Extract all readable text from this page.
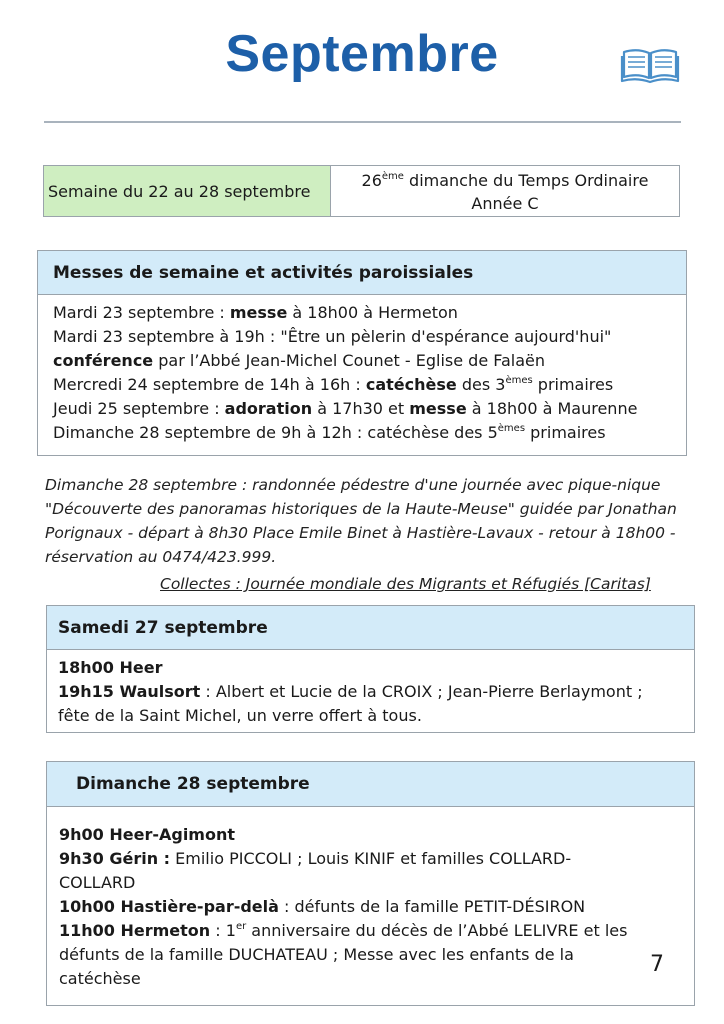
Septembre
Semaine du 22 au 28 septembre
26ème dimanche du Temps Ordinaire
Année C
Messes de semaine et activités paroissiales
Mardi 23 septembre : messe à 18h00 à Hermeton
Mardi 23 septembre à 19h : "Être un pèlerin d'espérance aujourd'hui"
conférence par l’Abbé Jean-Michel Counet - Eglise de Falaën
Mercredi 24 septembre de 14h à 16h : catéchèse des 3èmes primaires
Jeudi 25 septembre : adoration à 17h30 et messe à 18h00 à Maurenne
Dimanche 28 septembre de 9h à 12h : catéchèse des 5èmes primaires
Dimanche 28 septembre : randonnée pédestre d'une journée avec pique-nique "Découverte des panoramas historiques de la Haute-Meuse" guidée par Jonathan Porignaux - départ à 8h30 Place Emile Binet à Hastière-Lavaux - retour à 18h00 - réservation au 0474/423.999.
Collectes : Journée mondiale des Migrants et Réfugiés [Caritas]
Samedi 27 septembre
18h00 Heer
19h15 Waulsort : Albert et Lucie de la CROIX ; Jean-Pierre Berlaymont ;
fête de la Saint Michel, un verre offert à tous.
Dimanche 28 septembre
9h00 Heer-Agimont
9h30 Gérin : Emilio PICCOLI ; Louis KINIF et familles COLLARD-
COLLARD
10h00 Hastière-par-delà : défunts de la famille PETIT-DÉSIRON
11h00 Hermeton : 1er anniversaire du décès de l’Abbé LELIVRE et les
défunts de la famille DUCHATEAU ; Messe avec les enfants de la
catéchèse
7
